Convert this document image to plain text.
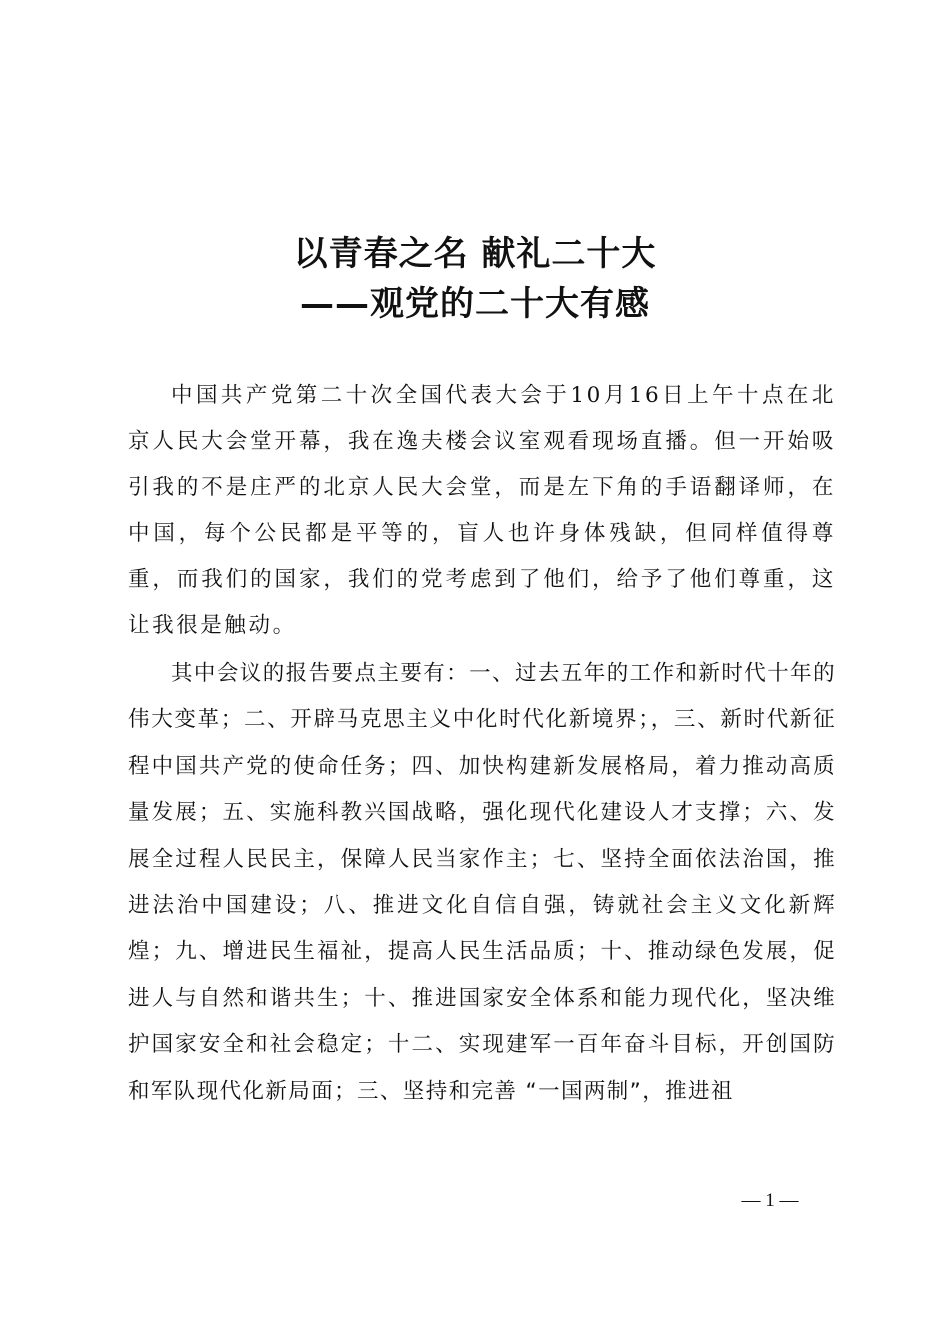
以青春之名 献礼二十大
——观党的二十大有感

中国共产党第二十次全国代表大会于10月16日上午十点在北京人民大会堂开幕，我在逸夫楼会议室观看现场直播。但一开始吸引我的不是庄严的北京人民大会堂，而是左下角的手语翻译师，在中国，每个公民都是平等的，盲人也许身体残缺，但同样值得尊重，而我们的国家，我们的党考虑到了他们，给予了他们尊重，这让我很是触动。

其中会议的报告要点主要有：一、过去五年的工作和新时代十年的伟大变革；二、开辟马克思主义中化时代化新境界；，三、新时代新征程中国共产党的使命任务；四、加快构建新发展格局，着力推动高质量发展；五、实施科教兴国战略，强化现代化建设人才支撑；六、发展全过程人民民主，保障人民当家作主；七、坚持全面依法治国，推进法治中国建设；八、推进文化自信自强，铸就社会主义文化新辉煌；九、增进民生福祉，提高人民生活品质；十、推动绿色发展，促进人与自然和谐共生；十、推进国家安全体系和能力现代化，坚决维护国家安全和社会稳定；十二、实现建军一百年奋斗目标，开创国防和军队现代化新局面；三、坚持和完善 “一国两制”，推进祖

— 1 —
